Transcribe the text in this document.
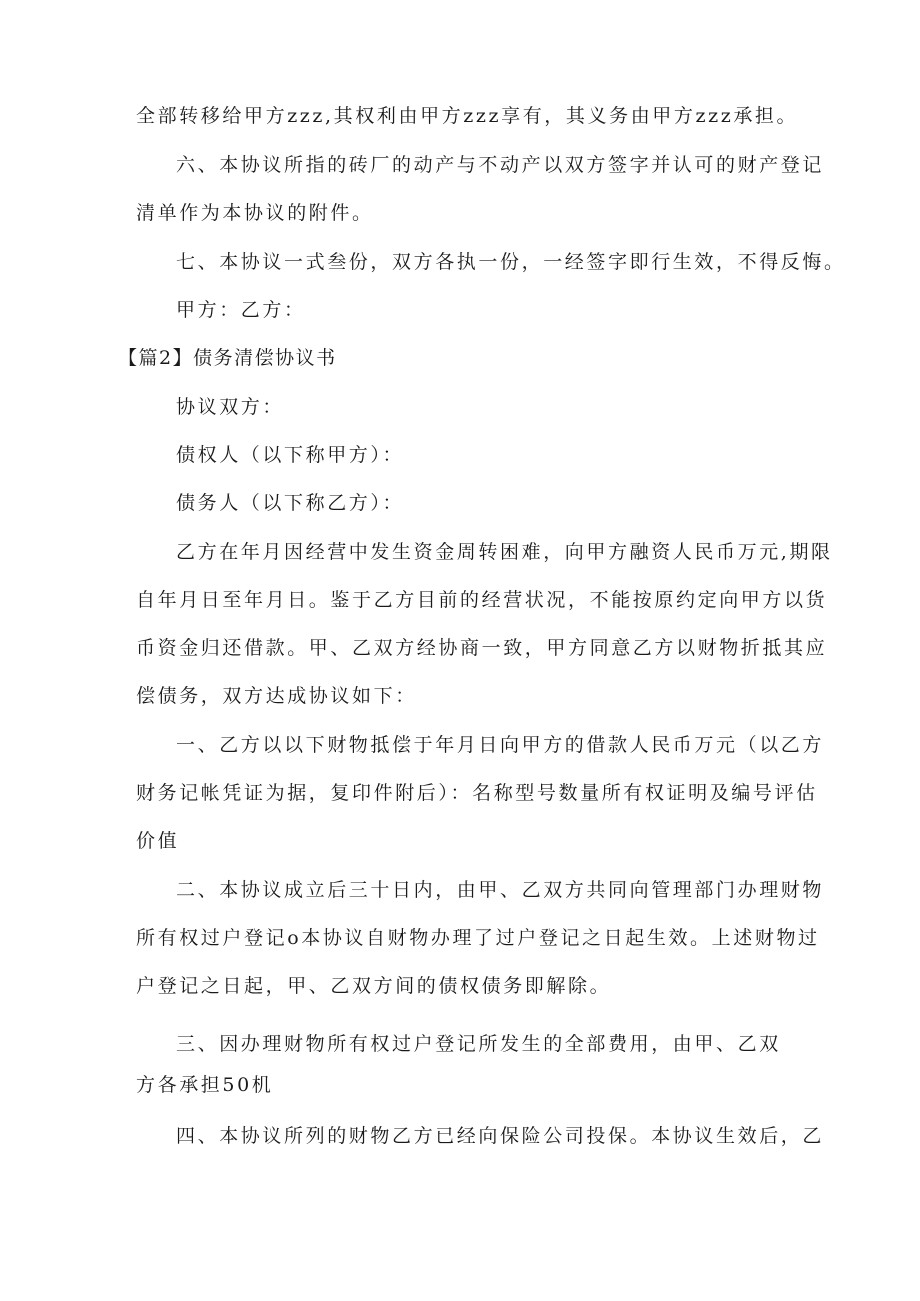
全部转移给甲方zzz,其权利由甲方zzz享有，其义务由甲方zzz承担。
六、本协议所指的砖厂的动产与不动产以双方签字并认可的财产登记
清单作为本协议的附件。
七、本协议一式叁份，双方各执一份，一经签字即行生效，不得反悔。
甲方：乙方：
【篇2】债务清偿协议书
协议双方：
债权人（以下称甲方）：
债务人（以下称乙方）：
乙方在年月因经营中发生资金周转困难，向甲方融资人民币万元,期限
自年月日至年月日。鉴于乙方目前的经营状况，不能按原约定向甲方以货
币资金归还借款。甲、乙双方经协商一致，甲方同意乙方以财物折抵其应
偿债务，双方达成协议如下：
一、乙方以以下财物抵偿于年月日向甲方的借款人民币万元（以乙方
财务记帐凭证为据，复印件附后）：名称型号数量所有权证明及编号评估
价值
二、本协议成立后三十日内，由甲、乙双方共同向管理部门办理财物
所有权过户登记o本协议自财物办理了过户登记之日起生效。上述财物过
户登记之日起，甲、乙双方间的债权债务即解除。
三、因办理财物所有权过户登记所发生的全部费用，由甲、乙双
方各承担50机
四、本协议所列的财物乙方已经向保险公司投保。本协议生效后，乙
